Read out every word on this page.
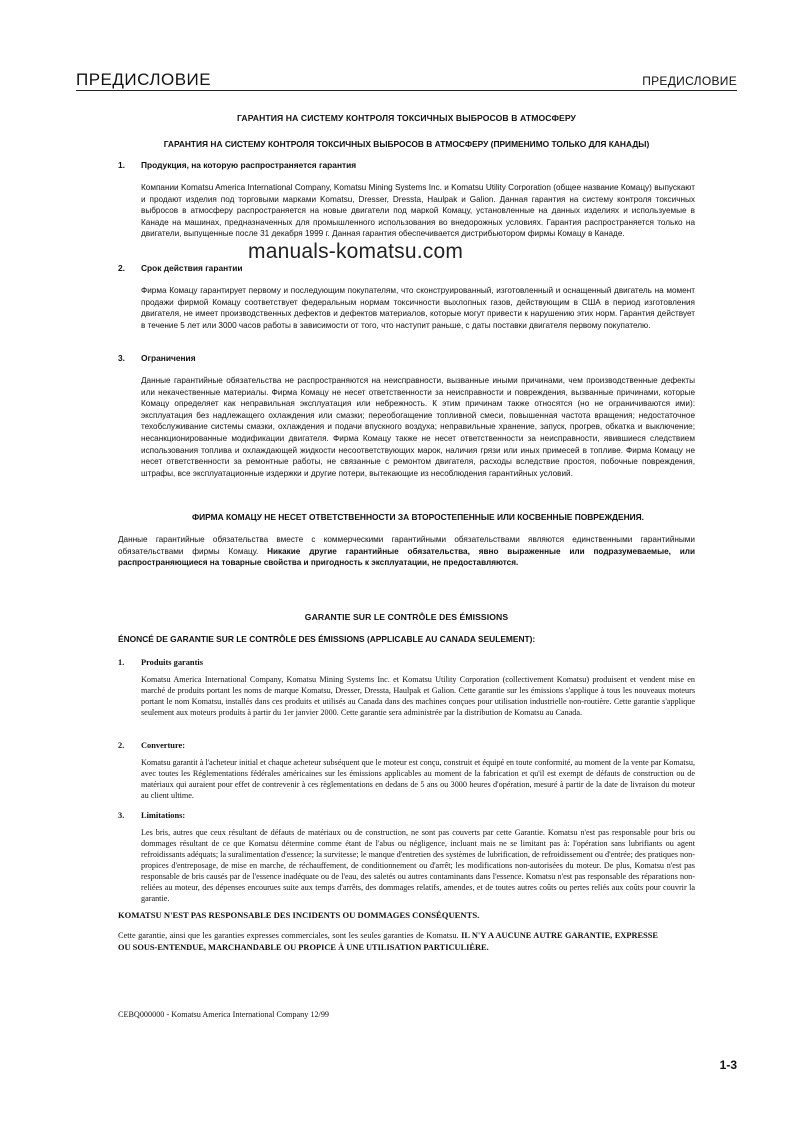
ПРЕДИСЛОВИЕ	ПРЕДИСЛОВИЕ
ГАРАНТИЯ НА СИСТЕМУ КОНТРОЛЯ ТОКСИЧНЫХ ВЫБРОСОВ В АТМОСФЕРУ
ГАРАНТИЯ НА СИСТЕМУ КОНТРОЛЯ ТОКСИЧНЫХ ВЫБРОСОВ В АТМОСФЕРУ (ПРИМЕНИМО ТОЛЬКО ДЛЯ КАНАДЫ)
1. Продукция, на которую распространяется гарантия
Компании Komatsu America International Company, Komatsu Mining Systems Inc. и Komatsu Utility Corporation (общее название Комацу) выпускают и продают изделия под торговыми марками Komatsu, Dresser, Dressta, Haulpak и Galion. Данная гарантия на систему контроля токсичных выбросов в атмосферу распространяется на новые двигатели под маркой Комацу, установленные на данных изделиях и используемые в Канаде на машинах, предназначенных для промышленного использования во внедорожных условиях. Гарантия распространяется только на двигатели, выпущенные после 31 декабря 1999 г. Данная гарантия обеспечивается дистрибьютором фирмы Комацу в Канаде.
2. Срок действия гарантии
Фирма Комацу гарантирует первому и последующим покупателям, что сконструированный, изготовленный и оснащенный двигатель на момент продажи фирмой Комацу соответствует федеральным нормам токсичности выхлопных газов, действующим в США в период изготовления двигателя, не имеет производственных дефектов и дефектов материалов, которые могут привести к нарушению этих норм. Гарантия действует в течение 5 лет или 3000 часов работы в зависимости от того, что наступит раньше, с даты поставки двигателя первому покупателю.
3. Ограничения
Данные гарантийные обязательства не распространяются на неисправности, вызванные иными причинами, чем производственные дефекты или некачественные материалы. Фирма Комацу не несет ответственности за неисправности и повреждения, вызванные причинами, которые Комацу определяет как неправильная эксплуатация или небрежность. К этим причинам также относятся (но не ограничиваются ими): эксплуатация без надлежащего охлаждения или смазки; переобогащение топливной смеси, повышенная частота вращения; недостаточное техобслуживание системы смазки, охлаждения и подачи впускного воздуха; неправильные хранение, запуск, прогрев, обкатка и выключение; несанкционированные модификации двигателя. Фирма Комацу также не несет ответственности за неисправности, явившиеся следствием использования топлива и охлаждающей жидкости несоответствующих марок, наличия грязи или иных примесей в топливе. Фирма Комацу не несет ответственности за ремонтные работы, не связанные с ремонтом двигателя, расходы вследствие простоя, побочные повреждения, штрафы, все эксплуатационные издержки и другие потери, вытекающие из несоблюдения гарантийных условий.
ФИРМА КОМАЦУ НЕ НЕСЕТ ОТВЕТСТВЕННОСТИ ЗА ВТОРОСТЕПЕННЫЕ ИЛИ КОСВЕННЫЕ ПОВРЕЖДЕНИЯ.
Данные гарантийные обязательства вместе с коммерческими гарантийными обязательствами являются единственными гарантийными обязательствами фирмы Комацу. Никакие другие гарантийные обязательства, явно выраженные или подразумеваемые, или распространяющиеся на товарные свойства и пригодность к эксплуатации, не предоставляются.
manuals-komatsu.com
GARANTIE SUR LE CONTRÔLE DES ÉMISSIONS
ÉNONCÉ DE GARANTIE SUR LE CONTRÔLE DES ÉMISSIONS (APPLICABLE AU CANADA SEULEMENT):
1. Produits garantis
Komatsu America International Company, Komatsu Mining Systems Inc. et Komatsu Utility Corporation (collectivement Komatsu) produisent et vendent mise en marché de produits portant les noms de marque Komatsu, Dresser, Dressta, Haulpak et Galion. Cette garantie sur les émissions s'applique à tous les nouveaux moteurs portant le nom Komatsu, installés dans ces produits et utilisés au Canada dans des machines conçues pour utilisation industrielle non-routière. Cette garantie s'applique seulement aux moteurs produits à partir du 1er janvier 2000. Cette garantie sera administrée par la distribution de Komatsu au Canada.
2. Converture:
Komatsu garantit à l'acheteur initial et chaque acheteur subséquent que le moteur est conçu, construit et équipé en toute conformité, au moment de la vente par Komatsu, avec toutes les Réglementations fédérales américaines sur les émissions applicables au moment de la fabrication et qu'il est exempt de défauts de construction ou de matériaux qui auraient pour effet de contrevenir à ces règlementations en dedans de 5 ans ou 3000 heures d'opération, mesuré à partir de la date de livraison du moteur au client ultime.
3. Limitations:
Les bris, autres que ceux résultant de défauts de matériaux ou de construction, ne sont pas couverts par cette Garantie. Komatsu n'est pas responsable pour bris ou dommages résultant de ce que Komatsu détermine comme étant de l'abus ou négligence, incluant mais ne se limitant pas à: l'opération sans lubrifiants ou agent refroidissants adéquats; la suralimentation d'essence; la survitesse; le manque d'entretien des systèmes de lubrification, de refroidissement ou d'entrée; des pratiques non-propices d'entreposage, de mise en marche, de réchauffement, de conditionnement ou d'arrêt; les modifications non-autorisées du moteur. De plus, Komatsu n'est pas responsable de bris causés par de l'essence inadéquate ou de l'eau, des saletés ou autres contaminants dans l'essence. Komatsu n'est pas responsable des réparations non-reliées au moteur, des dépenses encourues suite aux temps d'arrêts, des dommages relatifs, amendes, et de toutes autres coûts ou pertes reliés aux coûts pour couvrir la garantie.
KOMATSU N'EST PAS RESPONSABLE DES INCIDENTS OU DOMMAGES CONSÉQUENTS.
Cette garantie, ainsi que les garanties expresses commerciales, sont les seules garanties de Komatsu. IL N'Y A AUCUNE AUTRE GARANTIE, EXPRESSE OU SOUS-ENTENDUE, MARCHANDABLE OU PROPICE À UNE UTILISATION PARTICULIÈRE.
CEBQ000000 - Komatsu America International Company 12/99
1-3
